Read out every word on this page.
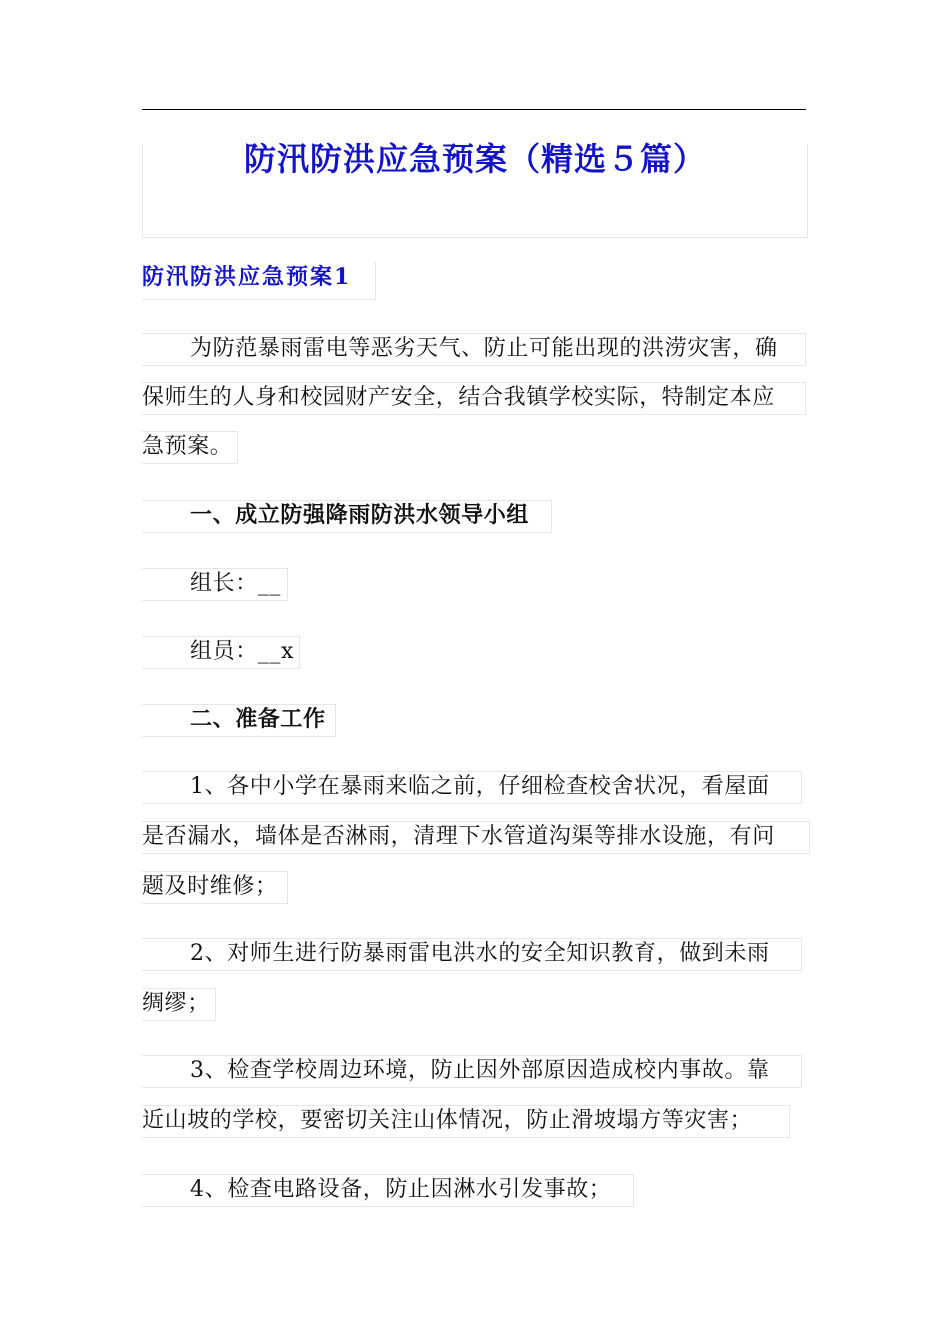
防汛防洪应急预案（精选５篇）
防汛防洪应急预案1
为防范暴雨雷电等恶劣天气、防止可能出现的洪涝灾害，确
保师生的人身和校园财产安全，结合我镇学校实际，特制定本应
急预案。
一、成立防强降雨防洪水领导小组
组长：__
组员：__x
二、准备工作
1、各中小学在暴雨来临之前，仔细检查校舍状况，看屋面
是否漏水，墙体是否淋雨，清理下水管道沟渠等排水设施，有问
题及时维修；
2、对师生进行防暴雨雷电洪水的安全知识教育，做到未雨
绸缪；
3、检查学校周边环境，防止因外部原因造成校内事故。靠
近山坡的学校，要密切关注山体情况，防止滑坡塌方等灾害；
4、检查电路设备，防止因淋水引发事故；
